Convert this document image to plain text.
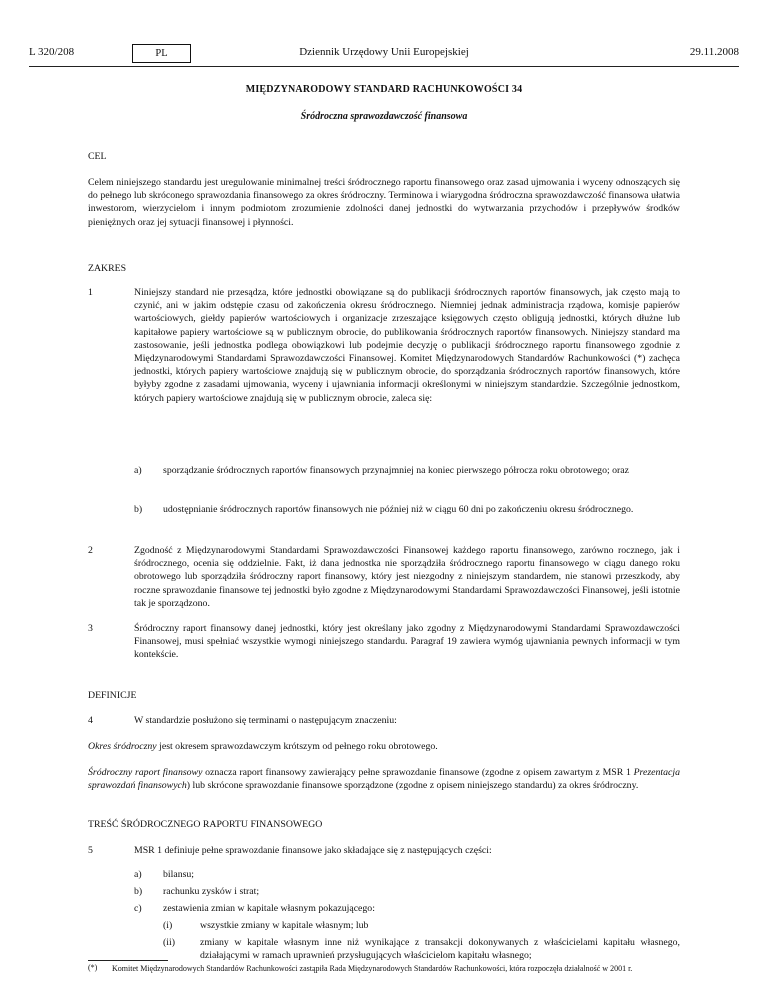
L 320/208	PL	Dziennik Urzędowy Unii Europejskiej	29.11.2008
MIĘDZYNARODOWY STANDARD RACHUNKOWOŚCI 34
Śródroczna sprawozdawczość finansowa
CEL
Celem niniejszego standardu jest uregulowanie minimalnej treści śródrocznego raportu finansowego oraz zasad ujmowania i wyceny odnoszących się do pełnego lub skróconego sprawozdania finansowego za okres śródroczny. Terminowa i wiarygodna śródroczna sprawozdawczość finansowa ułatwia inwestorom, wierzycielom i innym podmiotom zrozumienie zdolności danej jednostki do wytwarzania przychodów i przepływów środków pieniężnych oraz jej sytuacji finansowej i płynności.
ZAKRES
1	Niniejszy standard nie przesądza, które jednostki obowiązane są do publikacji śródrocznych raportów finansowych, jak często mają to czynić, ani w jakim odstępie czasu od zakończenia okresu śródrocznego. Niemniej jednak administracja rządowa, komisje papierów wartościowych, giełdy papierów wartościowych i organizacje zrzeszające księgowych często obligują jednostki, których dłużne lub kapitałowe papiery wartościowe są w publicznym obrocie, do publikowania śródrocznych raportów finansowych. Niniejszy standard ma zastosowanie, jeśli jednostka podlega obowiązkowi lub podejmie decyzję o publikacji śródrocznego raportu finansowego zgodnie z Międzynarodowymi Standardami Sprawozdawczości Finansowej. Komitet Międzynarodowych Standardów Rachunkowości (*) zachęca jednostki, których papiery wartościowe znajdują się w publicznym obrocie, do sporządzania śródrocznych raportów finansowych, które byłyby zgodne z zasadami ujmowania, wyceny i ujawniania informacji określonymi w niniejszym standardzie. Szczególnie jednostkom, których papiery wartościowe znajdują się w publicznym obrocie, zaleca się:
a)	sporządzanie śródrocznych raportów finansowych przynajmniej na koniec pierwszego półrocza roku obrotowego; oraz
b)	udostępnianie śródrocznych raportów finansowych nie później niż w ciągu 60 dni po zakończeniu okresu śródrocznego.
2	Zgodność z Międzynarodowymi Standardami Sprawozdawczości Finansowej każdego raportu finansowego, zarówno rocznego, jak i śródrocznego, ocenia się oddzielnie. Fakt, iż dana jednostka nie sporządziła śródrocznego raportu finansowego w ciągu danego roku obrotowego lub sporządziła śródroczny raport finansowy, który jest niezgodny z niniejszym standardem, nie stanowi przeszkody, aby roczne sprawozdanie finansowe tej jednostki było zgodne z Międzynarodowymi Standardami Sprawozdawczości Finansowej, jeśli istotnie tak je sporządzono.
3	Śródroczny raport finansowy danej jednostki, który jest określany jako zgodny z Międzynarodowymi Standardami Sprawozdawczości Finansowej, musi spełniać wszystkie wymogi niniejszego standardu. Paragraf 19 zawiera wymóg ujawniania pewnych informacji w tym kontekście.
DEFINICJE
4	W standardzie posłużono się terminami o następującym znaczeniu:
Okres śródroczny jest okresem sprawozdawczym krótszym od pełnego roku obrotowego.
Śródroczny raport finansowy oznacza raport finansowy zawierający pełne sprawozdanie finansowe (zgodne z opisem zawartym z MSR 1 Prezentacja sprawozdań finansowych) lub skrócone sprawozdanie finansowe sporządzone (zgodne z opisem niniejszego standardu) za okres śródroczny.
TREŚĆ ŚRÓDROCZNEGO RAPORTU FINANSOWEGO
5	MSR 1 definiuje pełne sprawozdanie finansowe jako składające się z następujących części:
a)	bilansu;
b)	rachunku zysków i strat;
c)	zestawienia zmian w kapitale własnym pokazującego:
(*) Komitet Międzynarodowych Standardów Rachunkowości zastąpiła Rada Międzynarodowych Standardów Rachunkowości, która rozpoczęła działalność w 2001 r.
(i)	wszystkie zmiany w kapitale własnym; lub
(ii)	zmiany w kapitale własnym inne niż wynikające z transakcji dokonywanych z właścicielami kapitału własnego, działającymi w ramach uprawnień przysługujących właścicielom kapitału własnego;
